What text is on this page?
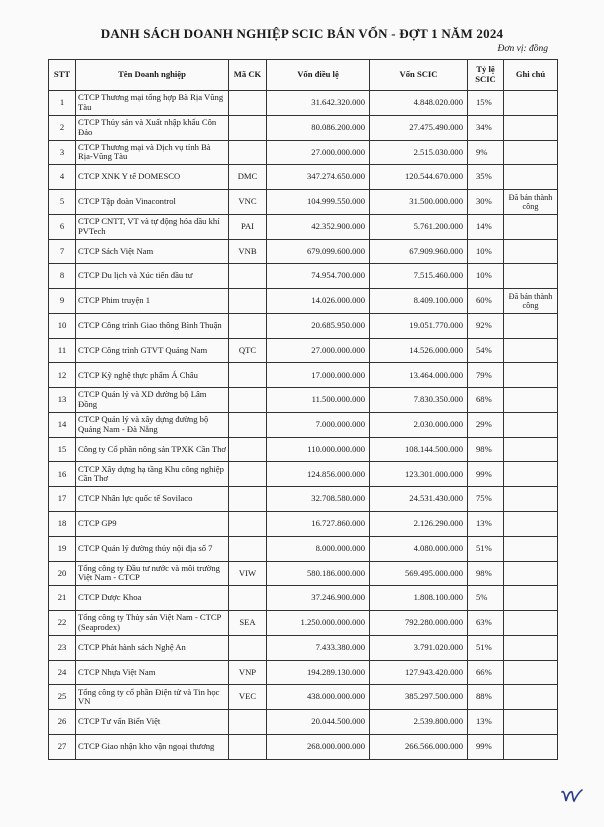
DANH SÁCH DOANH NGHIỆP SCIC BÁN VỐN - ĐỢT 1 NĂM 2024
Đơn vị: đồng
STT	Tên Doanh nghiệp	Mã CK	Vốn điều lệ	Vốn SCIC	Tỷ lệ SCIC	Ghi chú
1	CTCP Thương mại tổng hợp Bà Rịa Vũng Tàu		31.642.320.000	4.848.020.000	15%	
2	CTCP Thủy sản và Xuất nhập khẩu Côn Đảo		80.086.200.000	27.475.490.000	34%	
3	CTCP Thương mại và Dịch vụ tỉnh Bà Rịa-Vũng Tàu		27.000.000.000	2.515.030.000	9%	
4	CTCP XNK Y tế DOMESCO	DMC	347.274.650.000	120.544.670.000	35%	
5	CTCP Tập đoàn Vinacontrol	VNC	104.999.550.000	31.500.000.000	30%	Đã bán thành công
6	CTCP CNTT, VT và tự động hóa dầu khí PVTech	PAI	42.352.900.000	5.761.200.000	14%	
7	CTCP Sách Việt Nam	VNB	679.099.600.000	67.909.960.000	10%	
8	CTCP Du lịch và Xúc tiến đầu tư		74.954.700.000	7.515.460.000	10%	
9	CTCP Phim truyện 1		14.026.000.000	8.409.100.000	60%	Đã bán thành công
10	CTCP Công trình Giao thông Bình Thuận		20.685.950.000	19.051.770.000	92%	
11	CTCP Công trình GTVT Quảng Nam	QTC	27.000.000.000	14.526.000.000	54%	
12	CTCP Kỹ nghệ thực phẩm Á Châu		17.000.000.000	13.464.000.000	79%	
13	CTCP Quản lý và XD đường bộ Lâm Đồng		11.500.000.000	7.830.350.000	68%	
14	CTCP Quản lý và xây dựng đường bộ Quảng Nam - Đà Nẵng		7.000.000.000	2.030.000.000	29%	
15	Công ty Cổ phần nông sản TPXK Cần Thơ		110.000.000.000	108.144.500.000	98%	
16	CTCP Xây dựng hạ tầng Khu công nghiệp Cần Thơ		124.856.000.000	123.301.000.000	99%	
17	CTCP Nhân lực quốc tế Sovilaco		32.708.580.000	24.531.430.000	75%	
18	CTCP GP9		16.727.860.000	2.126.290.000	13%	
19	CTCP Quản lý đường thủy nội địa số 7		8.000.000.000	4.080.000.000	51%	
20	Tổng công ty Đầu tư nước và môi trường Việt Nam - CTCP	VIW	580.186.000.000	569.495.000.000	98%	
21	CTCP Dược Khoa		37.246.900.000	1.808.100.000	5%	
22	Tổng công ty Thủy sản Việt Nam - CTCP (Seaprodex)	SEA	1.250.000.000.000	792.280.000.000	63%	
23	CTCP Phát hành sách Nghệ An		7.433.380.000	3.791.020.000	51%	
24	CTCP Nhựa Việt Nam	VNP	194.289.130.000	127.943.420.000	66%	
25	Tổng công ty cổ phần Điện tử và Tin học VN	VEC	438.000.000.000	385.297.500.000	88%	
26	CTCP Tư vấn Biển Việt		20.044.500.000	2.539.800.000	13%	
27	CTCP Giao nhận kho vận ngoại thương		268.000.000.000	266.566.000.000	99%	
